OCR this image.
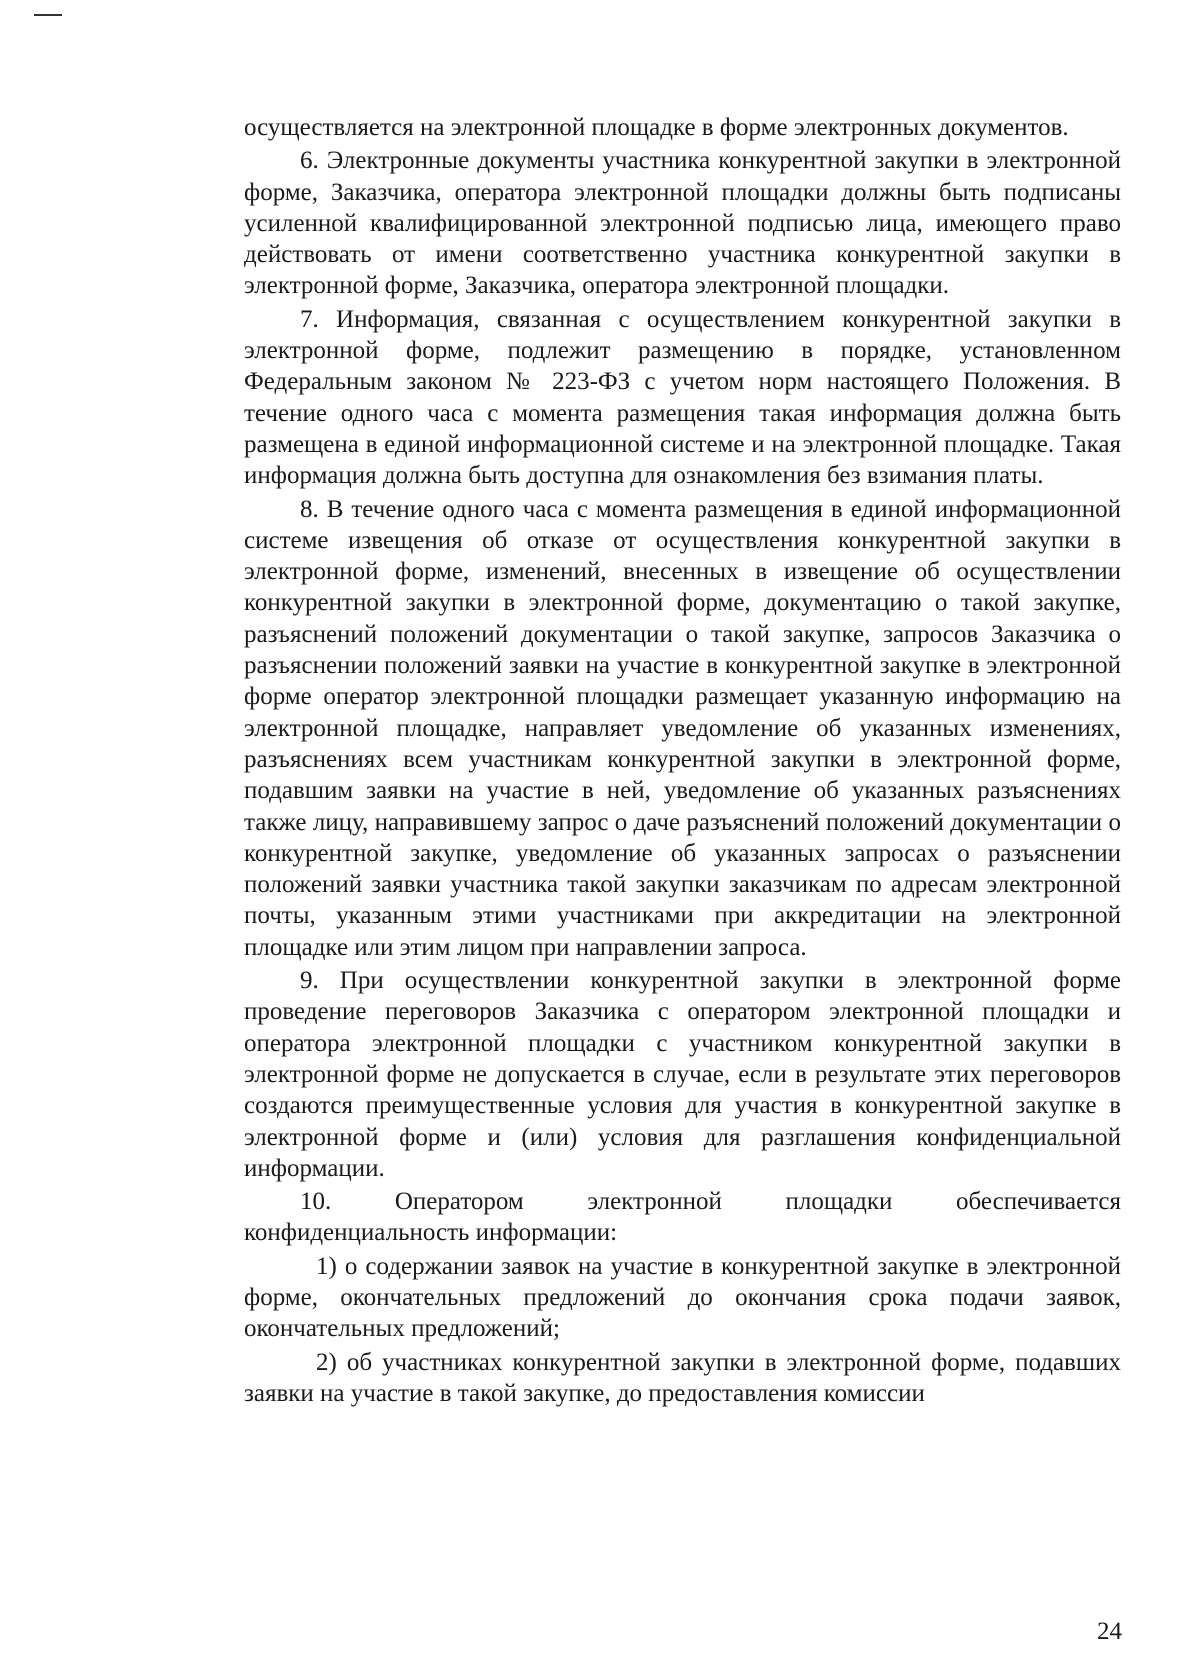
осуществляется на электронной площадке в форме электронных документов.

6. Электронные документы участника конкурентной закупки в электронной форме, Заказчика, оператора электронной площадки должны быть подписаны усиленной квалифицированной электронной подписью лица, имеющего право действовать от имени соответственно участника конкурентной закупки в электронной форме, Заказчика, оператора электронной площадки.

7. Информация, связанная с осуществлением конкурентной закупки в электронной форме, подлежит размещению в порядке, установленном Федеральным законом № 223-ФЗ с учетом норм настоящего Положения. В течение одного часа с момента размещения такая информация должна быть размещена в единой информационной системе и на электронной площадке. Такая информация должна быть доступна для ознакомления без взимания платы.

8. В течение одного часа с момента размещения в единой информационной системе извещения об отказе от осуществления конкурентной закупки в электронной форме, изменений, внесенных в извещение об осуществлении конкурентной закупки в электронной форме, документацию о такой закупке, разъяснений положений документации о такой закупке, запросов Заказчика о разъяснении положений заявки на участие в конкурентной закупке в электронной форме оператор электронной площадки размещает указанную информацию на электронной площадке, направляет уведомление об указанных изменениях, разъяснениях всем участникам конкурентной закупки в электронной форме, подавшим заявки на участие в ней, уведомление об указанных разъяснениях также лицу, направившему запрос о даче разъяснений положений документации о конкурентной закупке, уведомление об указанных запросах о разъяснении положений заявки участника такой закупки заказчикам по адресам электронной почты, указанным этими участниками при аккредитации на электронной площадке или этим лицом при направлении запроса.

9. При осуществлении конкурентной закупки в электронной форме проведение переговоров Заказчика с оператором электронной площадки и оператора электронной площадки с участником конкурентной закупки в электронной форме не допускается в случае, если в результате этих переговоров создаются преимущественные условия для участия в конкурентной закупке в электронной форме и (или) условия для разглашения конфиденциальной информации.

10. Оператором электронной площадки обеспечивается конфиденциальность информации:

1) о содержании заявок на участие в конкурентной закупке в электронной форме, окончательных предложений до окончания срока подачи заявок, окончательных предложений;

2) об участниках конкурентной закупки в электронной форме, подавших заявки на участие в такой закупке, до предоставления комиссии

24
